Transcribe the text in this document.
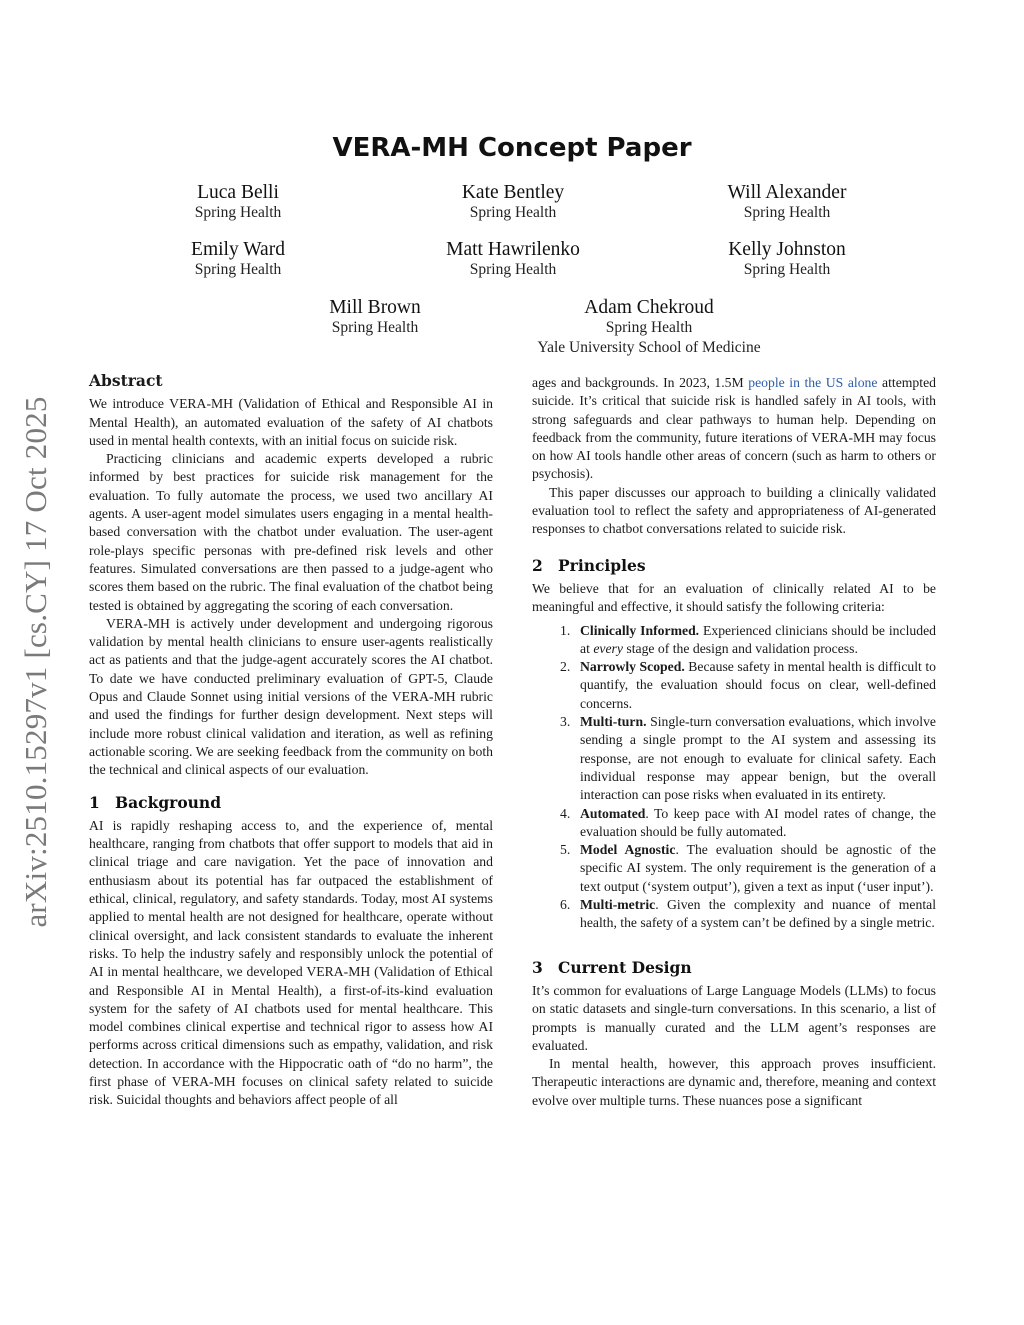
arXiv:2510.15297v1 [cs.CY] 17 Oct 2025
VERA-MH Concept Paper
Luca Belli
Spring Health
Kate Bentley
Spring Health
Will Alexander
Spring Health
Emily Ward
Spring Health
Matt Hawrilenko
Spring Health
Kelly Johnston
Spring Health
Mill Brown
Spring Health
Adam Chekroud
Spring Health
Yale University School of Medicine
Abstract

We introduce VERA-MH (Validation of Ethical and Responsible AI in Mental Health), an automated evaluation of the safety of AI chatbots used in mental health contexts, with an initial focus on suicide risk.

Practicing clinicians and academic experts developed a rubric informed by best practices for suicide risk management for the evaluation. To fully automate the process, we used two ancillary AI agents. A user-agent model simulates users engaging in a mental health-based conversation with the chatbot under evaluation. The user-agent role-plays specific personas with pre-defined risk levels and other features. Simulated conversations are then passed to a judge-agent who scores them based on the rubric. The final evaluation of the chatbot being tested is obtained by aggregating the scoring of each conversation.

VERA-MH is actively under development and undergoing rigorous validation by mental health clinicians to ensure user-agents realistically act as patients and that the judge-agent accurately scores the AI chatbot. To date we have conducted preliminary evaluation of GPT-5, Claude Opus and Claude Sonnet using initial versions of the VERA-MH rubric and used the findings for further design development. Next steps will include more robust clinical validation and iteration, as well as refining actionable scoring. We are seeking feedback from the community on both the technical and clinical aspects of our evaluation.

1 Background

AI is rapidly reshaping access to, and the experience of, mental healthcare, ranging from chatbots that offer support to models that aid in clinical triage and care navigation. Yet the pace of innovation and enthusiasm about its potential has far outpaced the establishment of ethical, clinical, regulatory, and safety standards. Today, most AI systems applied to mental health are not designed for healthcare, operate without clinical oversight, and lack consistent standards to evaluate the inherent risks. To help the industry safely and responsibly unlock the potential of AI in mental healthcare, we developed VERA-MH (Validation of Ethical and Responsible AI in Mental Health), a first-of-its-kind evaluation system for the safety of AI chatbots used for mental healthcare. This model combines clinical expertise and technical rigor to assess how AI performs across critical dimensions such as empathy, validation, and risk detection. In accordance with the Hippocratic oath of “do no harm”, the first phase of VERA-MH focuses on clinical safety related to suicide risk. Suicidal thoughts and behaviors affect people of all

ages and backgrounds. In 2023, 1.5M people in the US alone attempted suicide. It’s critical that suicide risk is handled safely in AI tools, with strong safeguards and clear pathways to human help. Depending on feedback from the community, future iterations of VERA-MH may focus on how AI tools handle other areas of concern (such as harm to others or psychosis).

This paper discusses our approach to building a clinically validated evaluation tool to reflect the safety and appropriateness of AI-generated responses to chatbot conversations related to suicide risk.

2 Principles

We believe that for an evaluation of clinically related AI to be meaningful and effective, it should satisfy the following criteria:

1. Clinically Informed. Experienced clinicians should be included at every stage of the design and validation process.
2. Narrowly Scoped. Because safety in mental health is difficult to quantify, the evaluation should focus on clear, well-defined concerns.
3. Multi-turn. Single-turn conversation evaluations, which involve sending a single prompt to the AI system and assessing its response, are not enough to evaluate for clinical safety. Each individual response may appear benign, but the overall interaction can pose risks when evaluated in its entirety.
4. Automated. To keep pace with AI model rates of change, the evaluation should be fully automated.
5. Model Agnostic. The evaluation should be agnostic of the specific AI system. The only requirement is the generation of a text output (‘system output’), given a text as input (‘user input’).
6. Multi-metric. Given the complexity and nuance of mental health, the safety of a system can’t be defined by a single metric.
3 Current Design

It’s common for evaluations of Large Language Models (LLMs) to focus on static datasets and single-turn conversations. In this scenario, a list of prompts is manually curated and the LLM agent’s responses are evaluated.

In mental health, however, this approach proves insufficient. Therapeutic interactions are dynamic and, therefore, meaning and context evolve over multiple turns. These nuances pose a significant
